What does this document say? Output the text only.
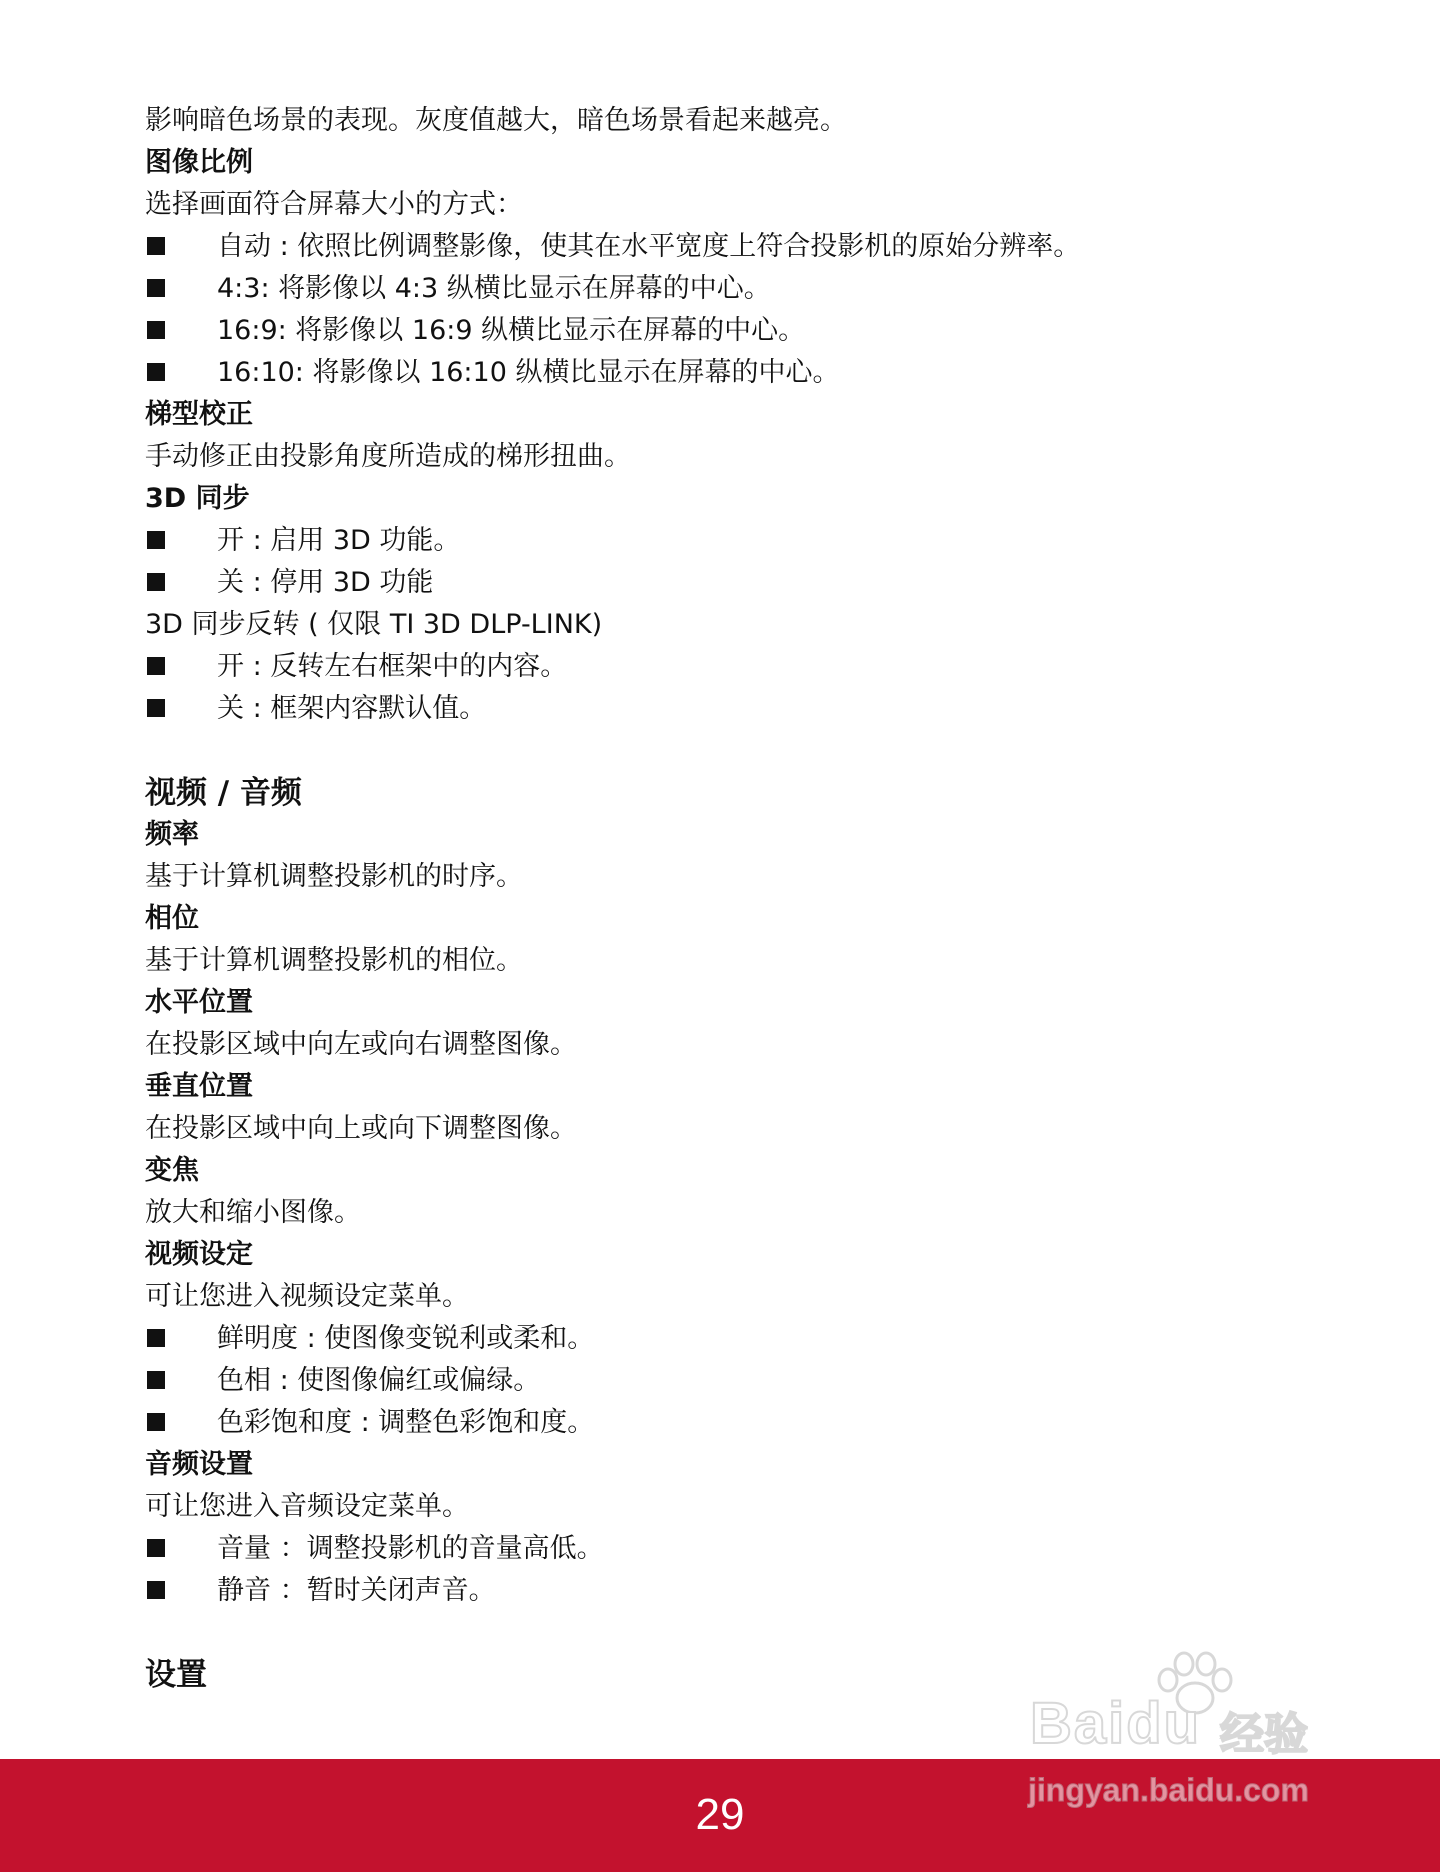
影响暗色场景的表现。灰度值越大，暗色场景看起来越亮。
图像比例
选择画面符合屏幕大小的方式：
自动 : 依照比例调整影像，使其在水平宽度上符合投影机的原始分辨率。
4:3: 将影像以 4:3 纵横比显示在屏幕的中心。
16:9: 将影像以 16:9 纵横比显示在屏幕的中心。
16:10: 将影像以 16:10 纵横比显示在屏幕的中心。
梯型校正
手动修正由投影角度所造成的梯形扭曲。
3D 同步
开 : 启用 3D 功能。
关 : 停用 3D 功能
3D 同步反转 ( 仅限 TI 3D DLP-LINK)
开 : 反转左右框架中的内容。
关 : 框架内容默认值。
视频 / 音频
频率
基于计算机调整投影机的时序。
相位
基于计算机调整投影机的相位。
水平位置
在投影区域中向左或向右调整图像。
垂直位置
在投影区域中向上或向下调整图像。
变焦
放大和缩小图像。
视频设定
可让您进入视频设定菜单。
鲜明度 : 使图像变锐利或柔和。
色相 : 使图像偏红或偏绿。
色彩饱和度 : 调整色彩饱和度。
音频设置
可让您进入音频设定菜单。
音量 ：调整投影机的音量高低。
静音 ：暂时关闭声音。
设置
29
Baidu 经验
jingyan.baidu.com
